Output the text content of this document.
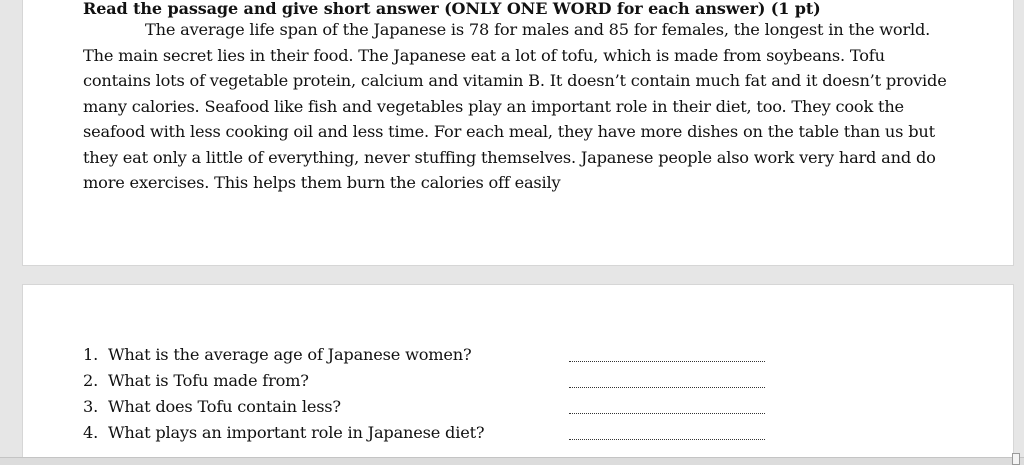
Read the passage and give short answer (ONLY ONE WORD for each answer) (1 pt)
The average life span of the Japanese is 78 for males and 85 for females, the longest in the world.
The main secret lies in their food. The Japanese eat a lot of tofu, which is made from soybeans. Tofu
contains lots of vegetable protein, calcium and vitamin B. It doesn’t contain much fat and it doesn’t provide
many calories. Seafood like fish and vegetables play an important role in their diet, too. They cook the
seafood with less cooking oil and less time. For each meal, they have more dishes on the table than us but
they eat only a little of everything, never stuffing themselves. Japanese people also work very hard and do
more exercises. This helps them burn the calories off easily
1. What is the average age of Japanese women?
2. What is Tofu made from?
3. What does Tofu contain less?
4. What plays an important role in Japanese diet?
